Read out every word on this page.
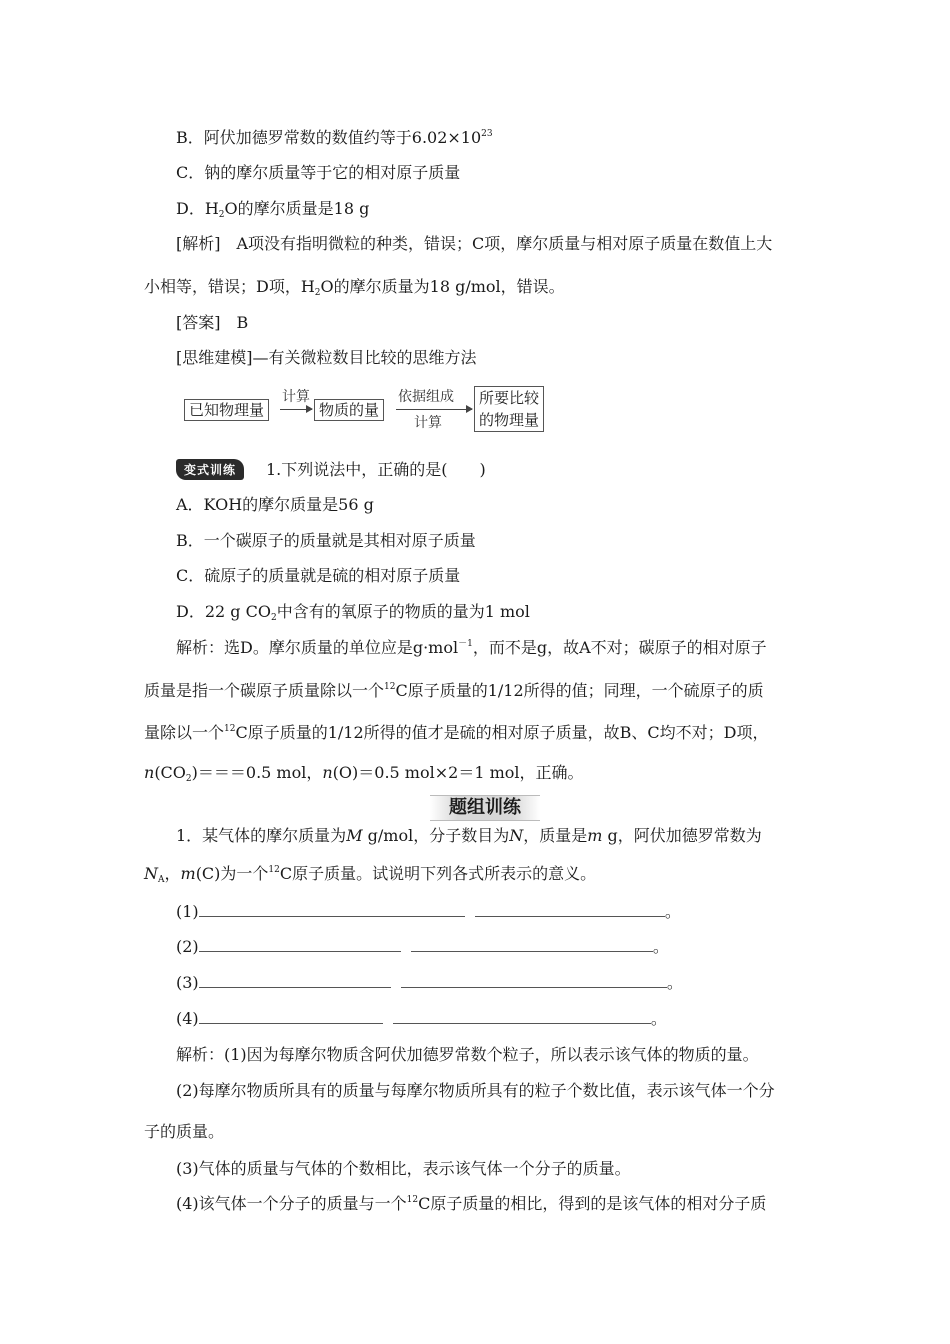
B．阿伏加德罗常数的数值约等于$6.02\times 10^{23}$
C．钠的摩尔质量等于它的相对原子质量
D．$H_2O$的摩尔质量是18 g
[解析]　A项没有指明微粒的种类，错误；C项，摩尔质量与相对原子质量在数值上大
小相等，错误；D项，$H_2O$的摩尔质量为18 g/mol，错误。
[答案]　B
[思维建模]—有关微粒数目比较的思维方法
已知物理量
计算
物质的量
依据组成
计算
所要比较
的物理量
变式训练	1.下列说法中，正确的是(　　)
A．KOH的摩尔质量是56 g
B．一个碳原子的质量就是其相对原子质量
C．硫原子的质量就是硫的相对原子质量
D．22 g $CO_2$中含有的氧原子的物质的量为1 mol
解析：选D。摩尔质量的单位应是g·mol$^{-1}$，而不是g，故A不对；碳原子的相对原子
质量是指一个碳原子质量除以一个$^{12}$C原子质量的1/12所得的值；同理，一个硫原子的质
量除以一个$^{12}$C原子质量的1/12所得的值才是硫的相对原子质量，故B、C均不对；D项，
$n(CO_2)===0.5$ mol，n(O)＝0.5 mol×2＝1 mol，正确。
题组训练
1．某气体的摩尔质量为M g/mol，分子数目为N，质量是m g，阿伏加德罗常数为
$N_A$，m(C)为一个$^{12}$C原子质量。试说明下列各式所表示的意义。
(1)	。
(2)	。
(3)	。
(4)	。
解析：(1)因为每摩尔物质含阿伏加德罗常数个粒子，所以表示该气体的物质的量。
(2)每摩尔物质所具有的质量与每摩尔物质所具有的粒子个数比值，表示该气体一个分
子的质量。
(3)气体的质量与气体的个数相比，表示该气体一个分子的质量。
(4)该气体一个分子的质量与一个$^{12}$C原子质量的相比，得到的是该气体的相对分子质
